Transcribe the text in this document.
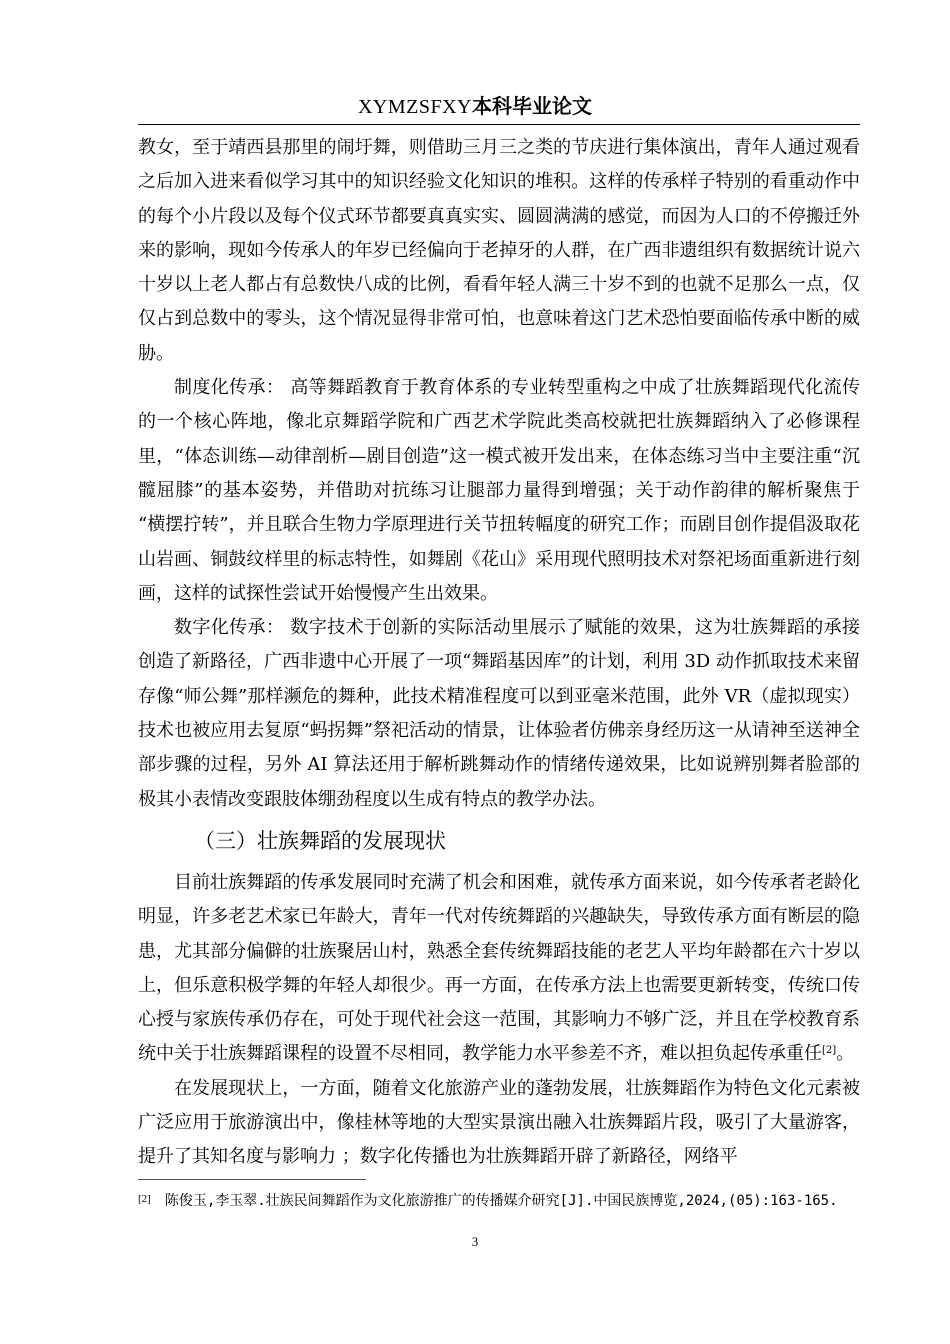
XYMZSFXY本科毕业论文

教女，至于靖西县那里的闹圩舞，则借助三月三之类的节庆进行集体演出，青年人通过观看之后加入进来看似学习其中的知识经验文化知识的堆积。这样的传承样子特别的看重动作中的每个小片段以及每个仪式环节都要真真实实、圆圆满满的感觉，而因为人口的不停搬迁外来的影响，现如今传承人的年岁已经偏向于老掉牙的人群，在广西非遗组织有数据统计说六十岁以上老人都占有总数快八成的比例，看看年轻人满三十岁不到的也就不足那么一点，仅仅占到总数中的零头，这个情况显得非常可怕，也意味着这门艺术恐怕要面临传承中断的威胁。

制度化传承： 高等舞蹈教育于教育体系的专业转型重构之中成了壮族舞蹈现代化流传的一个核心阵地，像北京舞蹈学院和广西艺术学院此类高校就把壮族舞蹈纳入了必修课程里，“体态训练—动律剖析—剧目创造”这一模式被开发出来，在体态练习当中主要注重“沉髋屈膝”的基本姿势，并借助对抗练习让腿部力量得到增强；关于动作韵律的解析聚焦于 “横摆拧转”，并且联合生物力学原理进行关节扭转幅度的研究工作；而剧目创作提倡汲取花山岩画、铜鼓纹样里的标志特性，如舞剧《花山》采用现代照明技术对祭祀场面重新进行刻画，这样的试探性尝试开始慢慢产生出效果。

数字化传承： 数字技术于创新的实际活动里展示了赋能的效果，这为壮族舞蹈的承接创造了新路径，广西非遗中心开展了一项“舞蹈基因库”的计划，利用 3D 动作抓取技术来留存像“师公舞”那样濒危的舞种，此技术精准程度可以到亚毫米范围，此外 VR（虚拟现实）技术也被应用去复原“蚂拐舞”祭祀活动的情景，让体验者仿佛亲身经历这一从请神至送神全部步骤的过程，另外 AI 算法还用于解析跳舞动作的情绪传递效果，比如说辨别舞者脸部的极其小表情改变跟肢体绷劲程度以生成有特点的教学办法。

（三）壮族舞蹈的发展现状

目前壮族舞蹈的传承发展同时充满了机会和困难，就传承方面来说，如今传承者老龄化明显，许多老艺术家已年龄大，青年一代对传统舞蹈的兴趣缺失，导致传承方面有断层的隐患，尤其部分偏僻的壮族聚居山村，熟悉全套传统舞蹈技能的老艺人平均年龄都在六十岁以上，但乐意积极学舞的年轻人却很少。再一方面，在传承方法上也需要更新转变，传统口传心授与家族传承仍存在，可处于现代社会这一范围，其影响力不够广泛，并且在学校教育系统中关于壮族舞蹈课程的设置不尽相同，教学能力水平参差不齐，难以担负起传承重任[2]。

在发展现状上，一方面，随着文化旅游产业的蓬勃发展，壮族舞蹈作为特色文化元素被广泛应用于旅游演出中，像桂林等地的大型实景演出融入壮族舞蹈片段，吸引了大量游客，提升了其知名度与影响力 ；数字化传播也为壮族舞蹈开辟了新路径，网络平

[2] 陈俊玉,李玉翠.壮族民间舞蹈作为文化旅游推广的传播媒介研究[J].中国民族博览,2024,(05):163-165.
3
